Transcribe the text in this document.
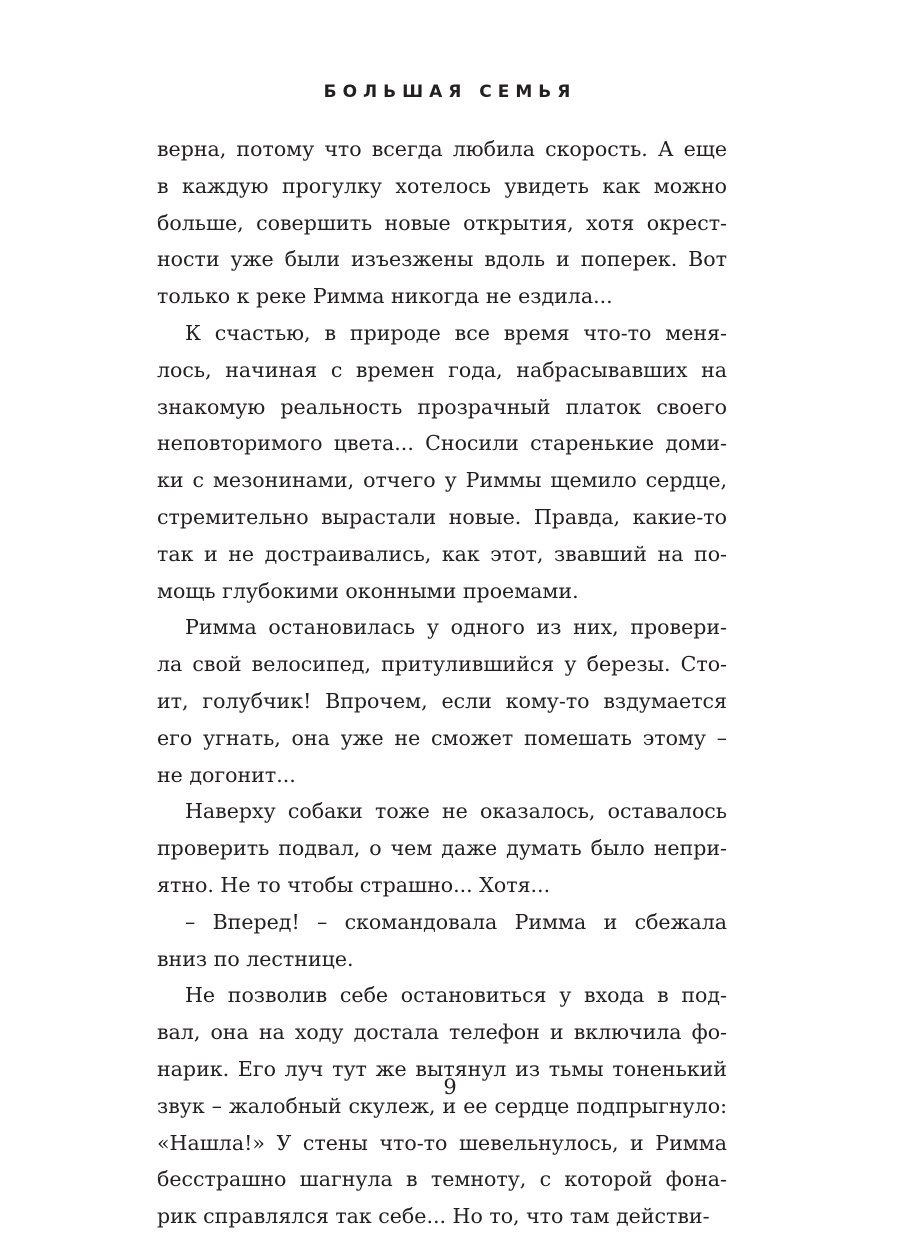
БОЛЬШАЯ СЕМЬЯ
верна, потому что всегда любила скорость. А еще
в каждую прогулку хотелось увидеть как можно
больше, совершить новые открытия, хотя окрест-
ности уже были изъезжены вдоль и поперек. Вот
только к реке Римма никогда не ездила...
К счастью, в природе все время что-то меня-
лось, начиная с времен года, набрасывавших на
знакомую реальность прозрачный платок своего
неповторимого цвета... Сносили старенькие доми-
ки с мезонинами, отчего у Риммы щемило сердце,
стремительно вырастали новые. Правда, какие-то
так и не достраивались, как этот, звавший на по-
мощь глубокими оконными проемами.
Римма остановилась у одного из них, провери-
ла свой велосипед, притулившийся у березы. Сто-
ит, голубчик! Впрочем, если кому-то вздумается
его угнать, она уже не сможет помешать этому –
не догонит...
Наверху собаки тоже не оказалось, оставалось
проверить подвал, о чем даже думать было непри-
ятно. Не то чтобы страшно... Хотя...
– Вперед! – скомандовала Римма и сбежала
вниз по лестнице.
Не позволив себе остановиться у входа в под-
вал, она на ходу достала телефон и включила фо-
нарик. Его луч тут же вытянул из тьмы тоненький
звук – жалобный скулеж, и ее сердце подпрыгнуло:
«Нашла!» У стены что-то шевельнулось, и Римма
бесстрашно шагнула в темноту, с которой фона-
рик справлялся так себе... Но то, что там действи-
9
